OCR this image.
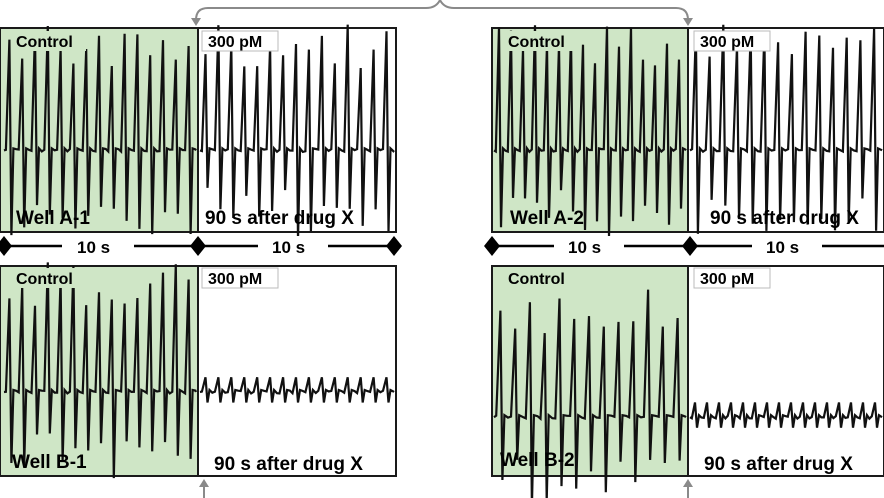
Control	300 pM
Well A-1	90 s after drug X
Control	300 pM
Well A-2	90 s after drug X
10 s	10 s	10 s	10 s
Control	300 pM
Well B-1	90 s after drug X
Control	300 pM
Well B-2	90 s after drug X
